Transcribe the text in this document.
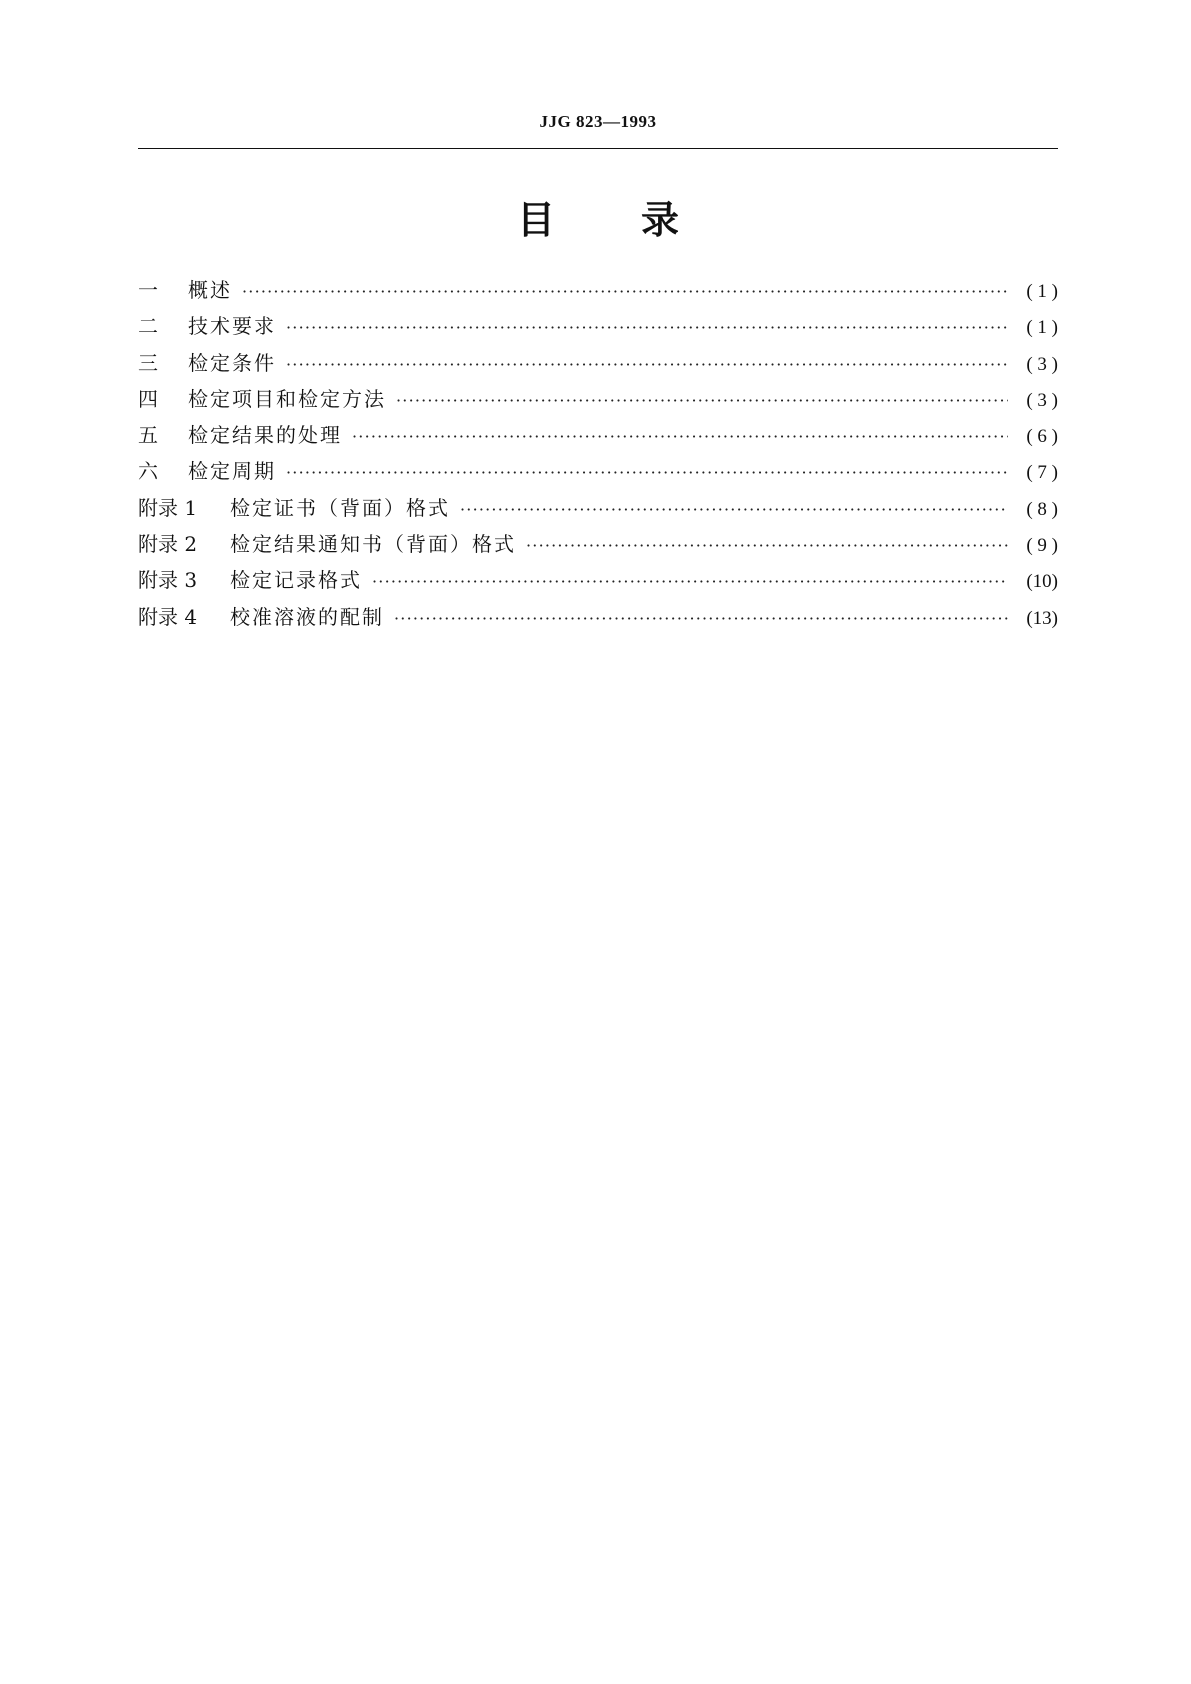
JJG 823—1993
目 录
一	概述 ·····	( 1 )
二	技术要求 ·····	( 1 )
三	检定条件 ·····	( 3 )
四	检定项目和检定方法 ·····	( 3 )
五	检定结果的处理 ·····	( 6 )
六	检定周期 ·····	( 7 )
附录 1	检定证书（背面）格式 ·····	( 8 )
附录 2	检定结果通知书（背面）格式 ·····	( 9 )
附录 3	检定记录格式 ·····	(10)
附录 4	校准溶液的配制 ·····	(13)
